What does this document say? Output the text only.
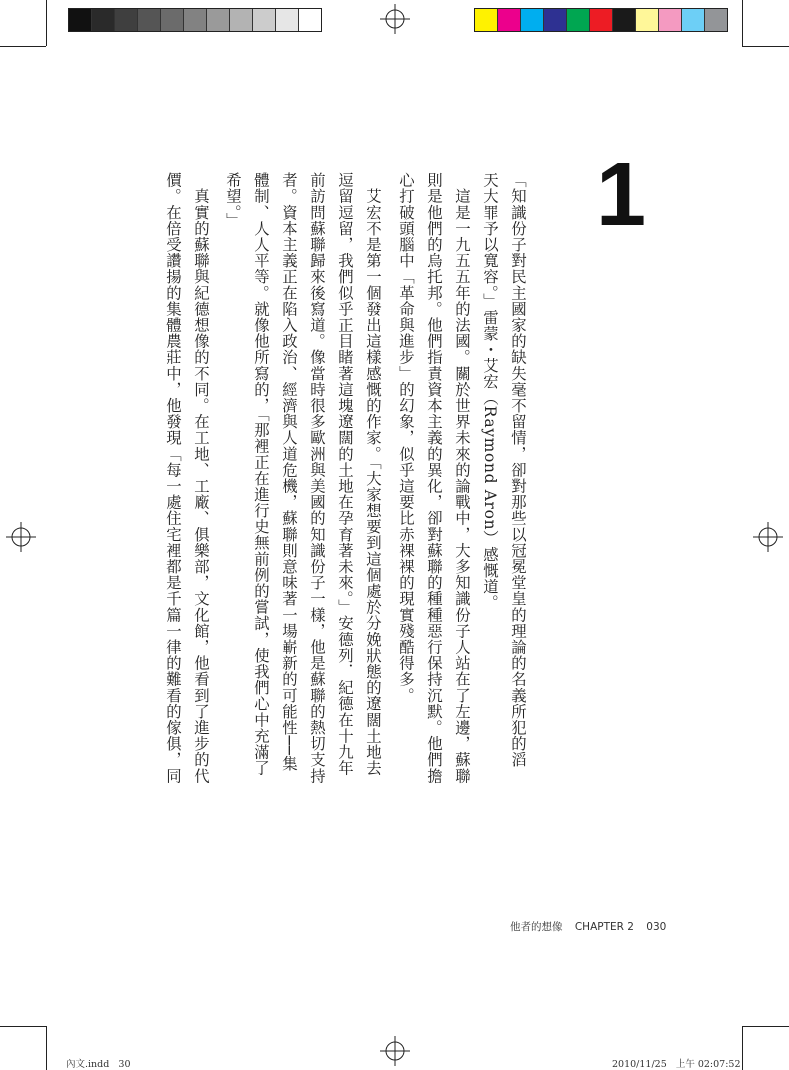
1
「知識份子對民主國家的缺失毫不留情，卻對那些以冠冕堂皇的理論的名義所犯的滔
天大罪予以寬容。」雷蒙・艾宏（Raymond Aron）感慨道。
　這是一九五五年的法國。關於世界未來的論戰中，大多知識份子人站在了左邊，蘇聯
則是他們的烏托邦。他們指責資本主義的異化，卻對蘇聯的種種惡行保持沉默。他們擔
心打破頭腦中「革命與進步」的幻象，似乎這要比赤裸裸的現實殘酷得多。
　艾宏不是第一個發出這樣感慨的作家。「大家想要到這個處於分娩狀態的遼闊土地去
逗留逗留，我們似乎正目睹著這塊遼闊的土地在孕育著未來。」安德列．紀德在十九年
前訪問蘇聯歸來後寫道。像當時很多歐洲與美國的知識份子一樣，他是蘇聯的熱切支持
者。資本主義正在陷入政治、經濟與人道危機，蘇聯則意味著一場嶄新的可能性──集
體制、人人平等。就像他所寫的，「那裡正在進行史無前例的嘗試，使我們心中充滿了
希望。」
　真實的蘇聯與紀德想像的不同。在工地、工廠、俱樂部，文化館，他看到了進步的代
價。在倍受讚揚的集體農莊中，他發現「每一處住宅裡都是千篇一律的難看的傢俱，同
他者的想像 CHAPTER 2 030
內文.indd   30	2010/11/25   上午 02:07:52
